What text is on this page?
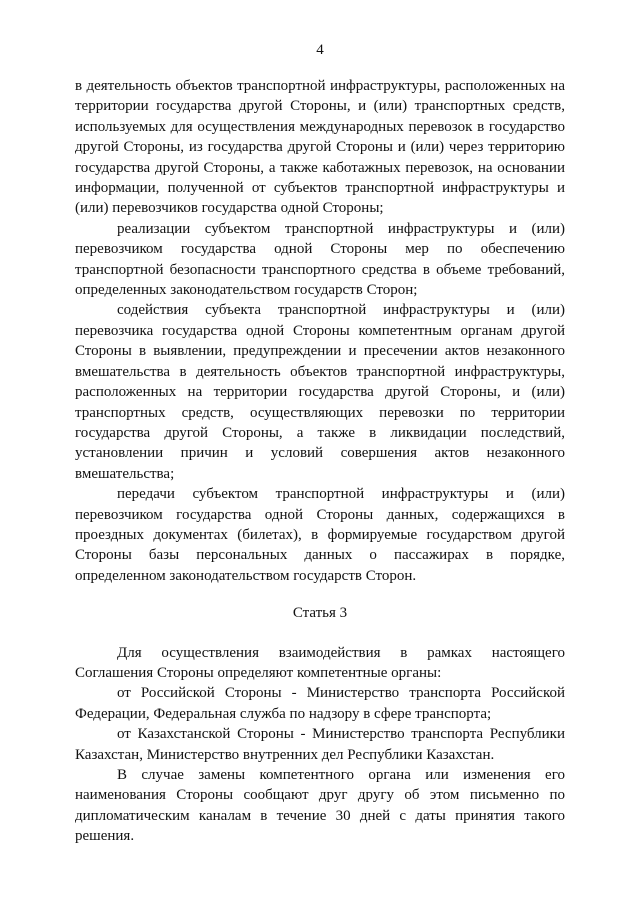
4

в деятельность объектов транспортной инфраструктуры, расположенных на территории государства другой Стороны, и (или) транспортных средств, используемых для осуществления международных перевозок в государство другой Стороны, из государства другой Стороны и (или) через территорию государства другой Стороны, а также каботажных перевозок, на основании информации, полученной от субъектов транспортной инфраструктуры и (или) перевозчиков государства одной Стороны;

реализации субъектом транспортной инфраструктуры и (или) перевозчиком государства одной Стороны мер по обеспечению транспортной безопасности транспортного средства в объеме требований, определенных законодательством государств Сторон;

содействия субъекта транспортной инфраструктуры и (или) перевозчика государства одной Стороны компетентным органам другой Стороны в выявлении, предупреждении и пресечении актов незаконного вмешательства в деятельность объектов транспортной инфраструктуры, расположенных на территории государства другой Стороны, и (или) транспортных средств, осуществляющих перевозки по территории государства другой Стороны, а также в ликвидации последствий, установлении причин и условий совершения актов незаконного вмешательства;

передачи субъектом транспортной инфраструктуры и (или) перевозчиком государства одной Стороны данных, содержащихся в проездных документах (билетах), в формируемые государством другой Стороны базы персональных данных о пассажирах в порядке, определенном законодательством государств Сторон.

Статья 3

Для осуществления взаимодействия в рамках настоящего Соглашения Стороны определяют компетентные органы:

от Российской Стороны - Министерство транспорта Российской Федерации, Федеральная служба по надзору в сфере транспорта;

от Казахстанской Стороны - Министерство транспорта Республики Казахстан, Министерство внутренних дел Республики Казахстан.

В случае замены компетентного органа или изменения его наименования Стороны сообщают друг другу об этом письменно по дипломатическим каналам в течение 30 дней с даты принятия такого решения.
